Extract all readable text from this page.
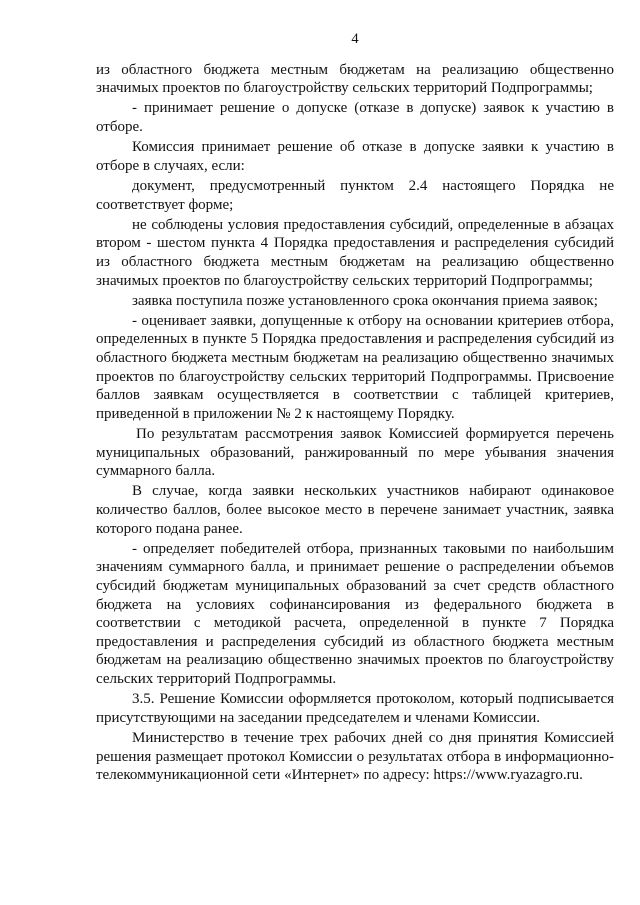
4

из областного бюджета местным бюджетам на реализацию общественно значимых проектов по благоустройству сельских территорий Подпрограммы;

- принимает решение о допуске (отказе в допуске) заявок к участию в отборе.

Комиссия принимает решение об отказе в допуске заявки к участию в отборе в случаях, если:

документ, предусмотренный пунктом 2.4 настоящего Порядка не соответствует форме;

не соблюдены условия предоставления субсидий, определенные в абзацах втором - шестом пункта 4 Порядка предоставления и распределения субсидий из областного бюджета местным бюджетам на реализацию общественно значимых проектов по благоустройству сельских территорий Подпрограммы;

заявка поступила позже установленного срока окончания приема заявок;

- оценивает заявки, допущенные к отбору на основании критериев отбора, определенных в пункте 5 Порядка предоставления и распределения субсидий из областного бюджета местным бюджетам на реализацию общественно значимых проектов по благоустройству сельских территорий Подпрограммы. Присвоение баллов заявкам осуществляется в соответствии с таблицей критериев, приведенной в приложении № 2 к настоящему Порядку.

По результатам рассмотрения заявок Комиссией формируется перечень муниципальных образований, ранжированный по мере убывания значения суммарного балла.

В случае, когда заявки нескольких участников набирают одинаковое количество баллов, более высокое место в перечене занимает участник, заявка которого подана ранее.

- определяет победителей отбора, признанных таковыми по наибольшим значениям суммарного балла, и принимает решение о распределении объемов субсидий бюджетам муниципальных образований за счет средств областного бюджета на условиях софинансирования из федерального бюджета в соответствии с методикой расчета, определенной в пункте 7 Порядка предоставления и распределения субсидий из областного бюджета местным бюджетам на реализацию общественно значимых проектов по благоустройству сельских территорий Подпрограммы.

3.5. Решение Комиссии оформляется протоколом, который подписывается присутствующими на заседании председателем и членами Комиссии.

Министерство в течение трех рабочих дней со дня принятия Комиссией решения размещает протокол Комиссии о результатах отбора в информационно-телекоммуникационной сети «Интернет» по адресу: https://www.ryazagro.ru.
